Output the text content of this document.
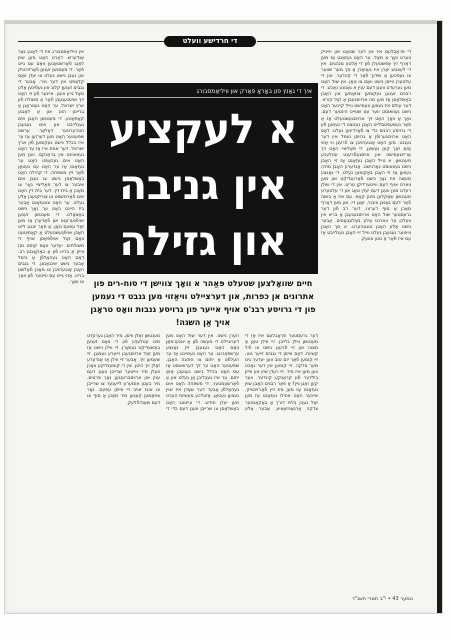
די חרדישע וועלט
די פּראָבלעם איז אין דער שטאָט און ווייניק ווערט נאָך אַ מאָל. ער האָט געזאָגט אַז מען דאַרף זיך אָפּשטעלן פֿון די אַלטע מנהגים. אין די לעצטע יאָרן איז געוואָרן אַ סך מער שווער צו געפינען אַ שידוך פֿאַר די קינדער, און די עלטערן ווייסן נישט וואָס צו טאָן. אין שול האָט מען גערעדט וועגן דעם ענין א גאַנצע נאַכט. די רבנים זענען געקומען צוזאַמען און האָבן באַשלאָסן אַז מען מוז ארויסגעבן אַ קול קורא. דער עולם איז געווען צעמישט ווייל קיינער האָט נישט געוואוסט ווער עס שטייט הינטער דעם. נאָך אַ וואָך האָט זיך ארויסגעשטעלט אַז אַ פּאָר געשעפטסלייט האָבן גענוצט די נעמען פֿון די גרויסע רבנים כדי צו פֿאַרדינען געלט. דאָס האָט ארויסגערופֿן אַ גרויסן טומל אין דער געגנט. מען האָט אָנגעהויבן צו פֿרעגן ווי אַזוי אַזאַ זאַך קען געשען. די פּאָליציי האָט זיך אַריינגעמישט און אויסגעפֿרעגט עטלעכע מענטשן. א טייל האָבן געזאָגט אַז זיי האָבן נישט געוואוסט גאָרנישט. אַנדערע האָבן מודה געווען אַז זיי האָבן באַקומען געלט. די גאַנצע מעשה איז נאָך נישט פֿאַרענדיקט און מען ווארט אויף דעם ווייטערדיקן טריט. אין די שולן רעדט מען וועגן דעם יעדן טאָג און די עלטערע מענטשן שאָקלען מיטן קאָפּ. עס איז אַ בושה פֿאַר דעם גאַנצן ציבור, זאָגן זיי, און מען דאַרף מאַכן אַ סוף דערצו. דער רב פֿון דער גרעסטער שול האָט ארויסגעגעבן אַ בריוו אין וועלכן ער ווארנט אַלע באַלעבאַטים. אָבער נישט אַלע האָבן צוגעהערט. א סך האָבן ווייטער געגעבן געלט ווייל זיי האָבן געגלייבט אַז עס איז פֿאַר אַ גוטן צוועק.
אין וויליאַמסבורג איז די לאַגע גאָר אַנדערש. דאָרט האָט מען שוין לאַנג פֿאַרשטאַנען וואָס עס גייט פֿאָר. די מענטשן זענען פֿאָרזיכטיק און געבן נישט געלט צו יעדן וואָס קלאַפּט אין דער טיר. אָבער די גנבים זענען קלוג און געפֿינען אַלע מאָל נייע וועגן. איינער פֿון זיי האָט זיך אויסגעגעבן פֿאַר אַ משולח פֿון ארץ ישראל. ער האָט געטראָגן אַ ברייטן הוט און אַ לאַנגע קאַפּאָטע. די מענטשן האָבן אים געגלייבט און אים געגעבן הונדערטער דאָלאַר. ערשט שפּעטער האָט מען דערזען אַז ער איז בכלל נישט געקומען פֿון ארץ ישראל. דער אמת איז אַז ער האָט געוואוינט אין בראָנקס. ווען מען האָט אים געכאַפּט האָט ער געזאָגט אַז ער האָט עס געטאָן פֿאַר זיין משפּחה. די קהילה האָט באַשלאָסן נישט צו געבן אים איבער צו דער פּאָליציי נאָר צו מאַכן אַ בית דין. דער בית דין האָט אים פֿאַרמשפּט צו צוריקגעבן אַלע געלט. ער האָט צוגעזאָגט אָבער ביז היינט האָט ער נאָך נישט באַצאָלט. די מענטשן זענען אויפֿגערעגט און פֿאָדערן אַז מען זאָל עפּעס טאָן. אַ פּאָר יונגע לייט האָבן אויפֿגעשטעלט אַ קאָמיטעט וואָס זאָל אויפֿפּאַסן אויף די משולחים. יעדער וואָס קומט מוז ווייזן אַ בריוו פֿון אַ באַקאַנטן רב. דאָס האָט געהאָלפֿן אַ ביסל אָבער נישט אינגאַנצן. די גנבים האָבן אָנגעהויבן צו מאַכן פֿאַלשע בריוו. אַזוי גייט עס ווייטער פֿון וואָך צו וואָך.
איך די גאַנץ פון באָראָ פּאַרק און וויליאַמסבורג
א לעקציע
אין גניבה
און גזילה
חיים שוואָלצען שטעלט פּאַהר א וואָך צווישן די סוח-רים פון אתרונים אן כפרות, און דערציילט וויאַזוי מען גנבט די נעמען פון די גרויסע רבנ'ס אויף אייער פון גרויסע גנבות וואָס טראָגן אויך אַן השגה!
דער גרעסטער פּראָבלעם איז אַז די מענטשן ווילן גלייבן. זיי ווילן טאָן אַ מצוה און זיי פֿרעגן נישט צו פֿיל קשיות. דאָס ווייסן די גנבים זייער גוט. זיי קומען פֿאַר יום טוב ווען יעדער גיט מער צדקה. זיי קומען אין דער נאַכט ווען מען איז מיד. זיי רעדן שיין און ווייזן בילדער פֿון קראַנקע קינדער. ווער קען זאָגן ניין? אַ פּאָר רבנים האָבן שוין געזאָגט אַז מען מוז זיין פֿאָרזיכטיק. איינער האָט אפילו געזאָגט אַז מען זאָל געבן בלויז דורך אַ באַקאַנטער צדקה אָרגאַניזאַציע. אָבער אַלע הערן נישט. אין דער שול האָט מען דערציילט די מעשה פֿון אַ יונגערמאַן וואָס האָט געגעבן זיין גאַנצע ערשפּאַרונג. ער האָט געמיינט אַז ער העלפֿט אַ יתום צו חתונה האָבן. שפּעטער האָט ער זיך דערוואוסט אַז עס האָט בכלל נישט געגעבן אַזאַ יתום. ער איז געבליבן אָן געלט און אַ פֿאַרשעמטער. די משפּחה האָט אים געהאָלפֿן אָבער דער שאָדן איז שוין געווען געטאָן. אַזעלכע מעשיות הערט מען יעדן חודש. די צייטונג האָט באַשלאָסן צו שרייבן וועגן דעם כדי די מענטשן זאָלן וויסן. מיר האָבן גערעדט מיט עטלעכע פֿון די וואָס זענען באַשעדיקט געוואָרן. זיי ווילן נישט אַז מען זאָל ארויסגעבן זייערע נעמען. זיי שעמען זיך. אָבער זיי ווילן אַז אַנדערע זאָלן זיך היטן. אין די קומענדיקע וואָכן וועלן מיר ווייטער שרייבן וועגן דעם ענין און ארויסברענגען נאָך פּרטים. מיר בעטן אונזערע לייענער צו שרייבן צו אונז אויב זיי ווייסן עפּעס. נאָר צוזאַמען קענען מיר מאַכן אַ סוף צו דעם שאַנדפֿלעק.
נומער 43 • י"ב תשרי תשנ"ד
